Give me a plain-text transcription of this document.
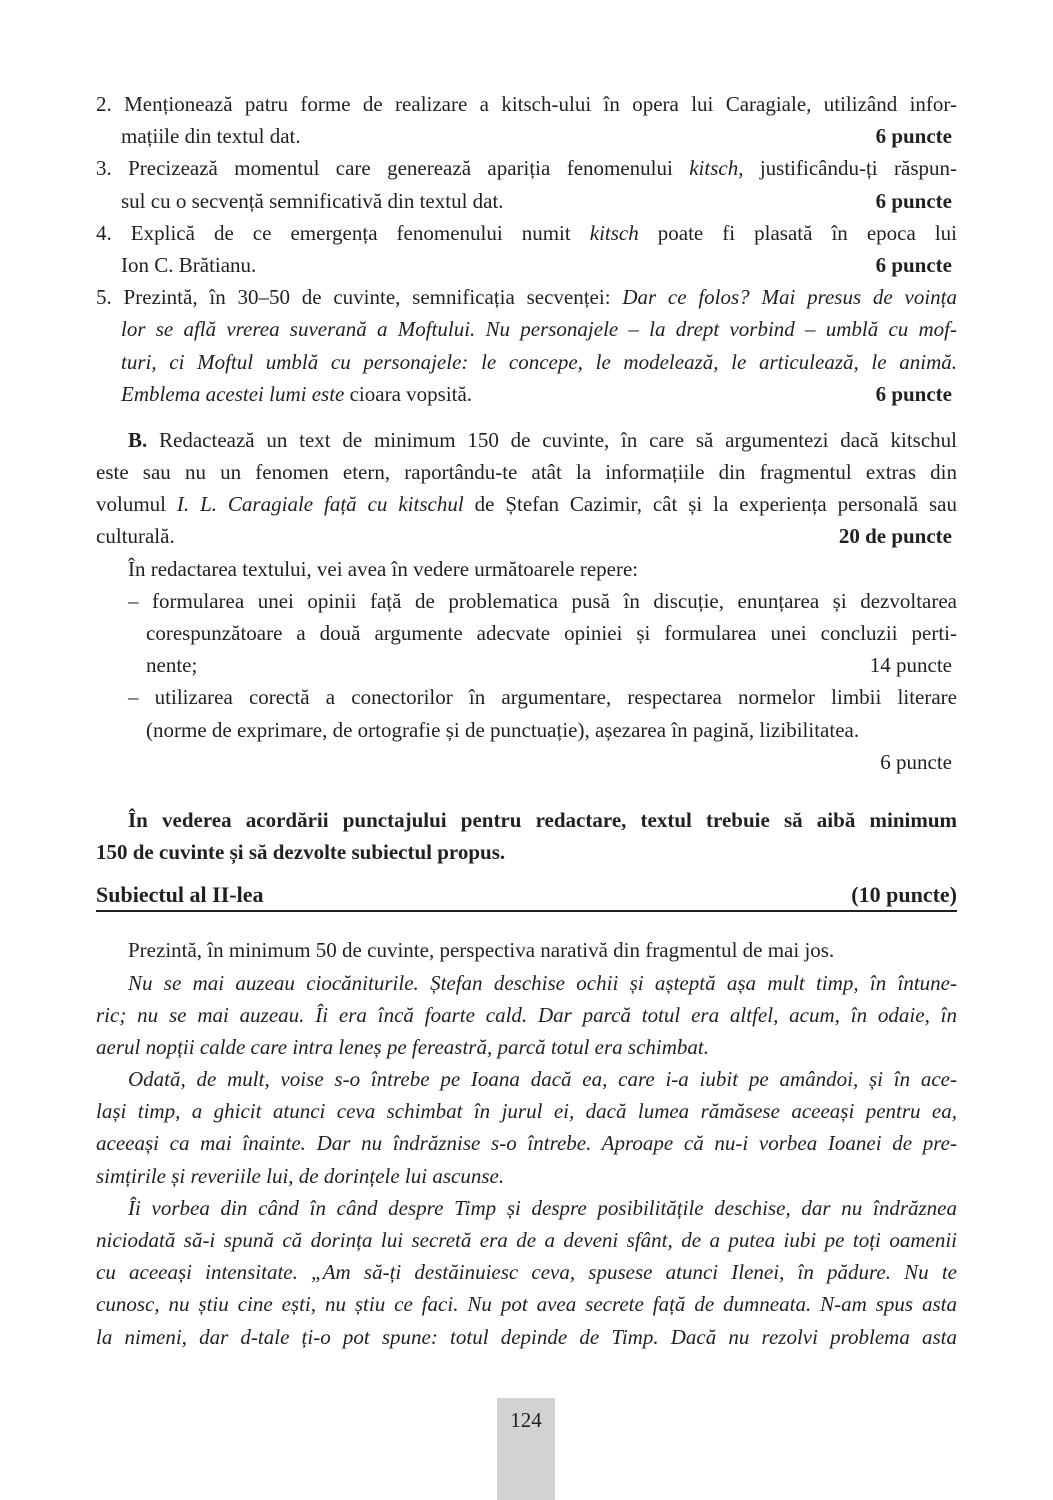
2. Menționează patru forme de realizare a kitsch-ului în opera lui Caragiale, utilizând infor-
mațiile din textul dat.	6 puncte
3. Precizează momentul care generează apariția fenomenului kitsch, justificându-ți răspun-
sul cu o secvență semnificativă din textul dat.	6 puncte
4. Explică de ce emergența fenomenului numit kitsch poate fi plasată în epoca lui
Ion C. Brătianu.	6 puncte
5. Prezintă, în 30–50 de cuvinte, semnificația secvenței: Dar ce folos? Mai presus de voința
lor se află vrerea suverană a Moftului. Nu personajele – la drept vorbind – umblă cu mof-
turi, ci Moftul umblă cu personajele: le concepe, le modelează, le articulează, le animă.
Emblema acestei lumi este cioara vopsită.	6 puncte
B. Redactează un text de minimum 150 de cuvinte, în care să argumentezi dacă kitschul
este sau nu un fenomen etern, raportându-te atât la informațiile din fragmentul extras din
volumul I. L. Caragiale față cu kitschul de Ștefan Cazimir, cât și la experiența personală sau
culturală.	20 de puncte
În redactarea textului, vei avea în vedere următoarele repere:
– formularea unei opinii față de problematica pusă în discuție, enunțarea și dezvoltarea
corespunzătoare a două argumente adecvate opiniei și formularea unei concluzii perti-
nente;	14 puncte
– utilizarea corectă a conectorilor în argumentare, respectarea normelor limbii literare
(norme de exprimare, de ortografie și de punctuație), așezarea în pagină, lizibilitatea.
6 puncte
În vederea acordării punctajului pentru redactare, textul trebuie să aibă minimum
150 de cuvinte și să dezvolte subiectul propus.
Subiectul al II-lea	(10 puncte)
Prezintă, în minimum 50 de cuvinte, perspectiva narativă din fragmentul de mai jos.
Nu se mai auzeau ciocăniturile. Ștefan deschise ochii și așteptă așa mult timp, în întune-
ric; nu se mai auzeau. Îi era încă foarte cald. Dar parcă totul era altfel, acum, în odaie, în
aerul nopții calde care intra leneș pe fereastră, parcă totul era schimbat.
Odată, de mult, voise s-o întrebe pe Ioana dacă ea, care i-a iubit pe amândoi, și în ace-
lași timp, a ghicit atunci ceva schimbat în jurul ei, dacă lumea rămăsese aceeași pentru ea,
aceeași ca mai înainte. Dar nu îndrăznise s-o întrebe. Aproape că nu-i vorbea Ioanei de pre-
simțirile și reveriile lui, de dorințele lui ascunse.
Îi vorbea din când în când despre Timp și despre posibilitățile deschise, dar nu îndrăznea
niciodată să-i spună că dorința lui secretă era de a deveni sfânt, de a putea iubi pe toți oamenii
cu aceeași intensitate. „Am să-ți destăinuiesc ceva, spusese atunci Ilenei, în pădure. Nu te
cunosc, nu știu cine ești, nu știu ce faci. Nu pot avea secrete față de dumneata. N-am spus asta
la nimeni, dar d-tale ți-o pot spune: totul depinde de Timp. Dacă nu rezolvi problema asta
124
